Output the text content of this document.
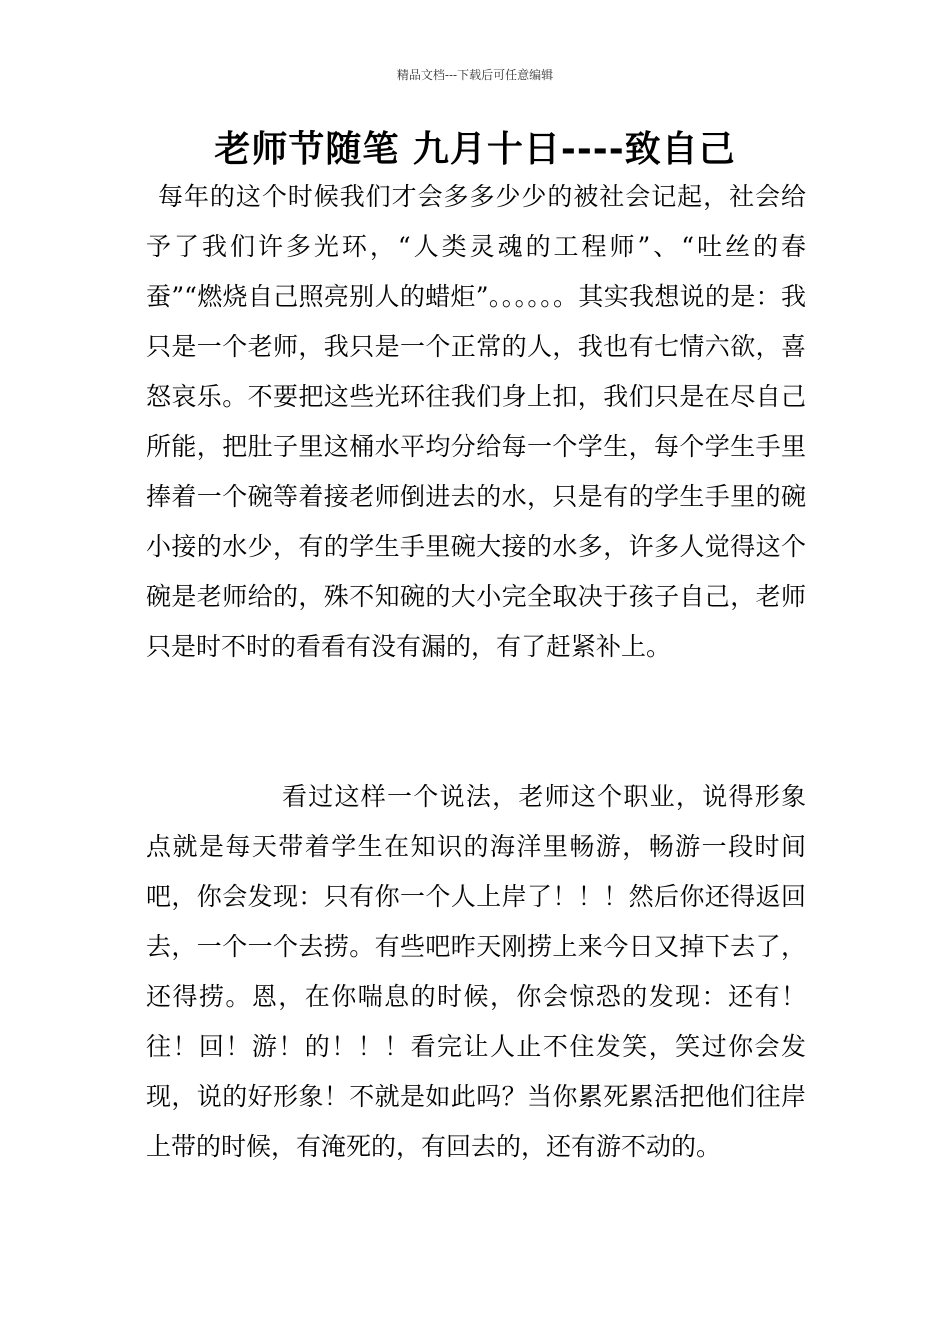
精品文档---下载后可任意编辑
老师节随笔 九月十日----致自己

每年的这个时候我们才会多多少少的被社会记起，社会给予了我们许多光环，“人类灵魂的工程师”、“吐丝的春蚕”“燃烧自己照亮别人的蜡炬”。。。。。。其实我想说的是：我只是一个老师，我只是一个正常的人，我也有七情六欲，喜怒哀乐。不要把这些光环往我们身上扣，我们只是在尽自己所能，把肚子里这桶水平均分给每一个学生，每个学生手里捧着一个碗等着接老师倒进去的水，只是有的学生手里的碗小接的水少，有的学生手里碗大接的水多，许多人觉得这个碗是老师给的，殊不知碗的大小完全取决于孩子自己，老师只是时不时的看看有没有漏的，有了赶紧补上。

看过这样一个说法，老师这个职业，说得形象点就是每天带着学生在知识的海洋里畅游，畅游一段时间吧，你会发现：只有你一个人上岸了！！！然后你还得返回去，一个一个去捞。有些吧昨天刚捞上来今日又掉下去了，还得捞。恩，在你喘息的时候，你会惊恐的发现：还有！往！回！游！的！！！看完让人止不住发笑，笑过你会发现，说的好形象！不就是如此吗？当你累死累活把他们往岸上带的时候，有淹死的，有回去的，还有游不动的。
